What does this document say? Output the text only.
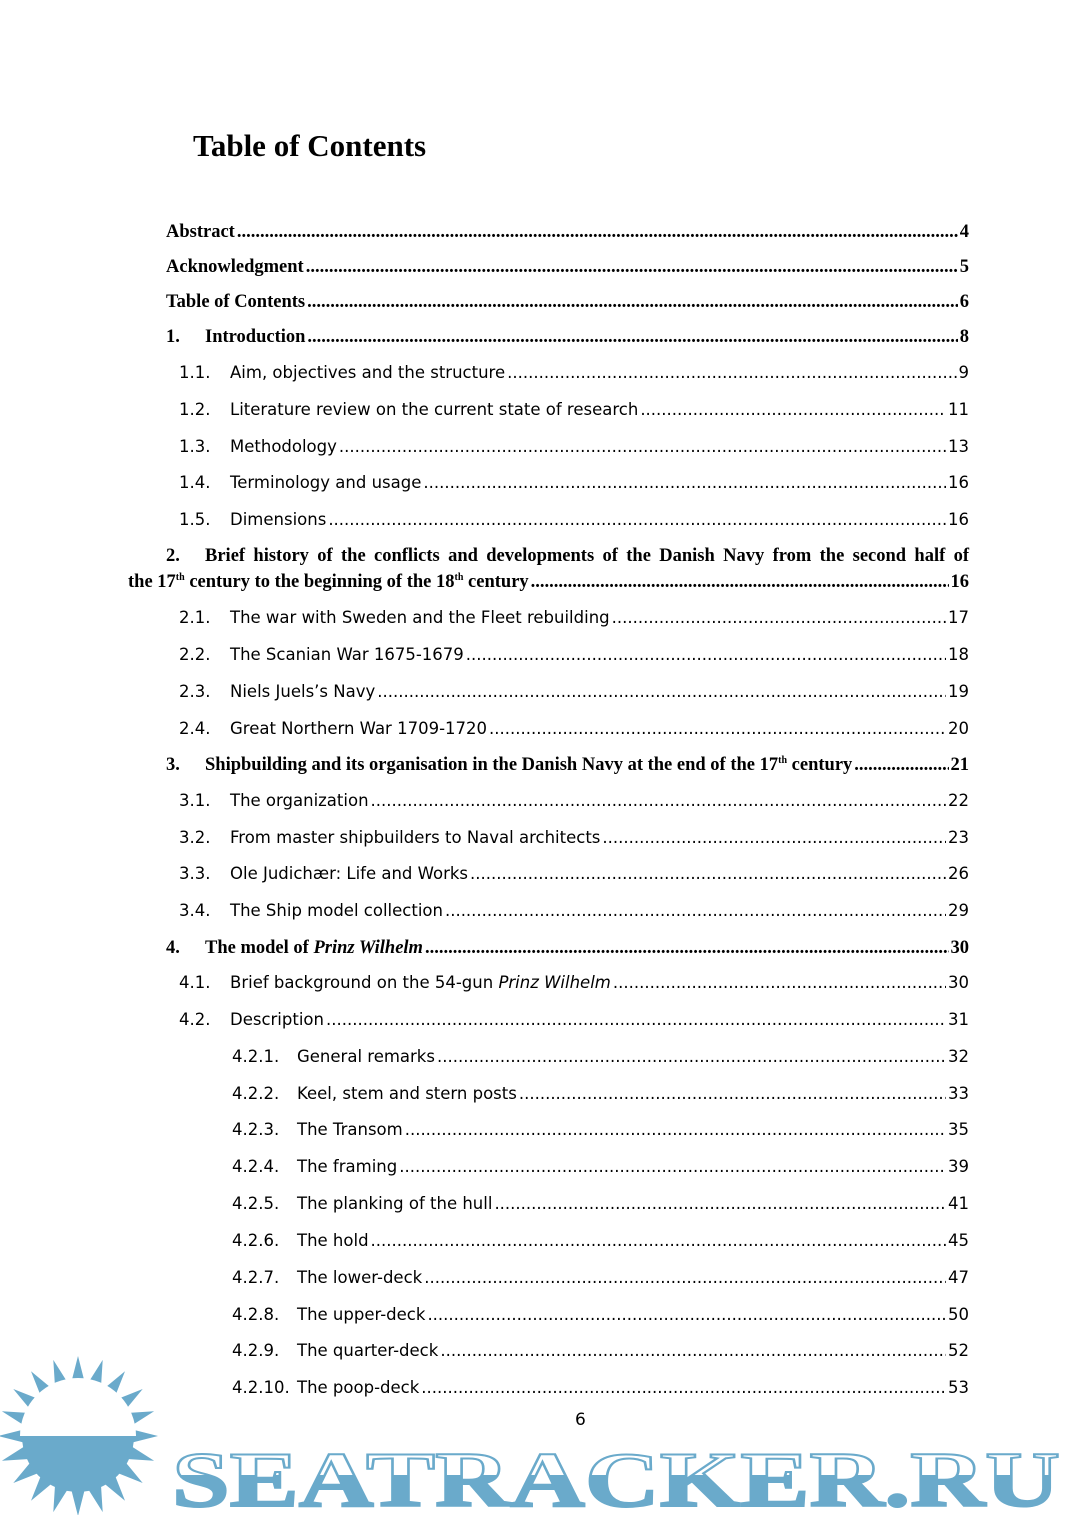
Table of Contents
Abstract .....	4
Acknowledgment .....	5
Table of Contents .....	6
1.	Introduction .....	8
1.1.	Aim, objectives and the structure .....	9
1.2.	Literature review on the current state of research .....	11
1.3.	Methodology .....	13
1.4.	Terminology and usage .....	16
1.5.	Dimensions .....	16
2. Brief history of the conflicts and developments of the Danish Navy from the second half of
the 17th century to the beginning of the 18th century .....	16
2.1.	The war with Sweden and the Fleet rebuilding .....	17
2.2.	The Scanian War 1675-1679 .....	18
2.3.	Niels Juels’s Navy .....	19
2.4.	Great Northern War 1709-1720 .....	20
3.	Shipbuilding and its organisation in the Danish Navy at the end of the 17th century .....	21
3.1.	The organization .....	22
3.2.	From master shipbuilders to Naval architects .....	23
3.3.	Ole Judichær: Life and Works .....	26
3.4.	The Ship model collection .....	29
4.	The model of Prinz Wilhelm .....	30
4.1.	Brief background on the 54-gun Prinz Wilhelm .....	30
4.2.	Description .....	31
4.2.1.	General remarks .....	32
4.2.2.	Keel, stem and stern posts .....	33
4.2.3.	The Transom .....	35
4.2.4.	The framing .....	39
4.2.5.	The planking of the hull .....	41
4.2.6.	The hold .....	45
4.2.7.	The lower-deck .....	47
4.2.8.	The upper-deck .....	50
4.2.9.	The quarter-deck .....	52
4.2.10. The poop-deck .....	53
6
SEATRACKER.RU
